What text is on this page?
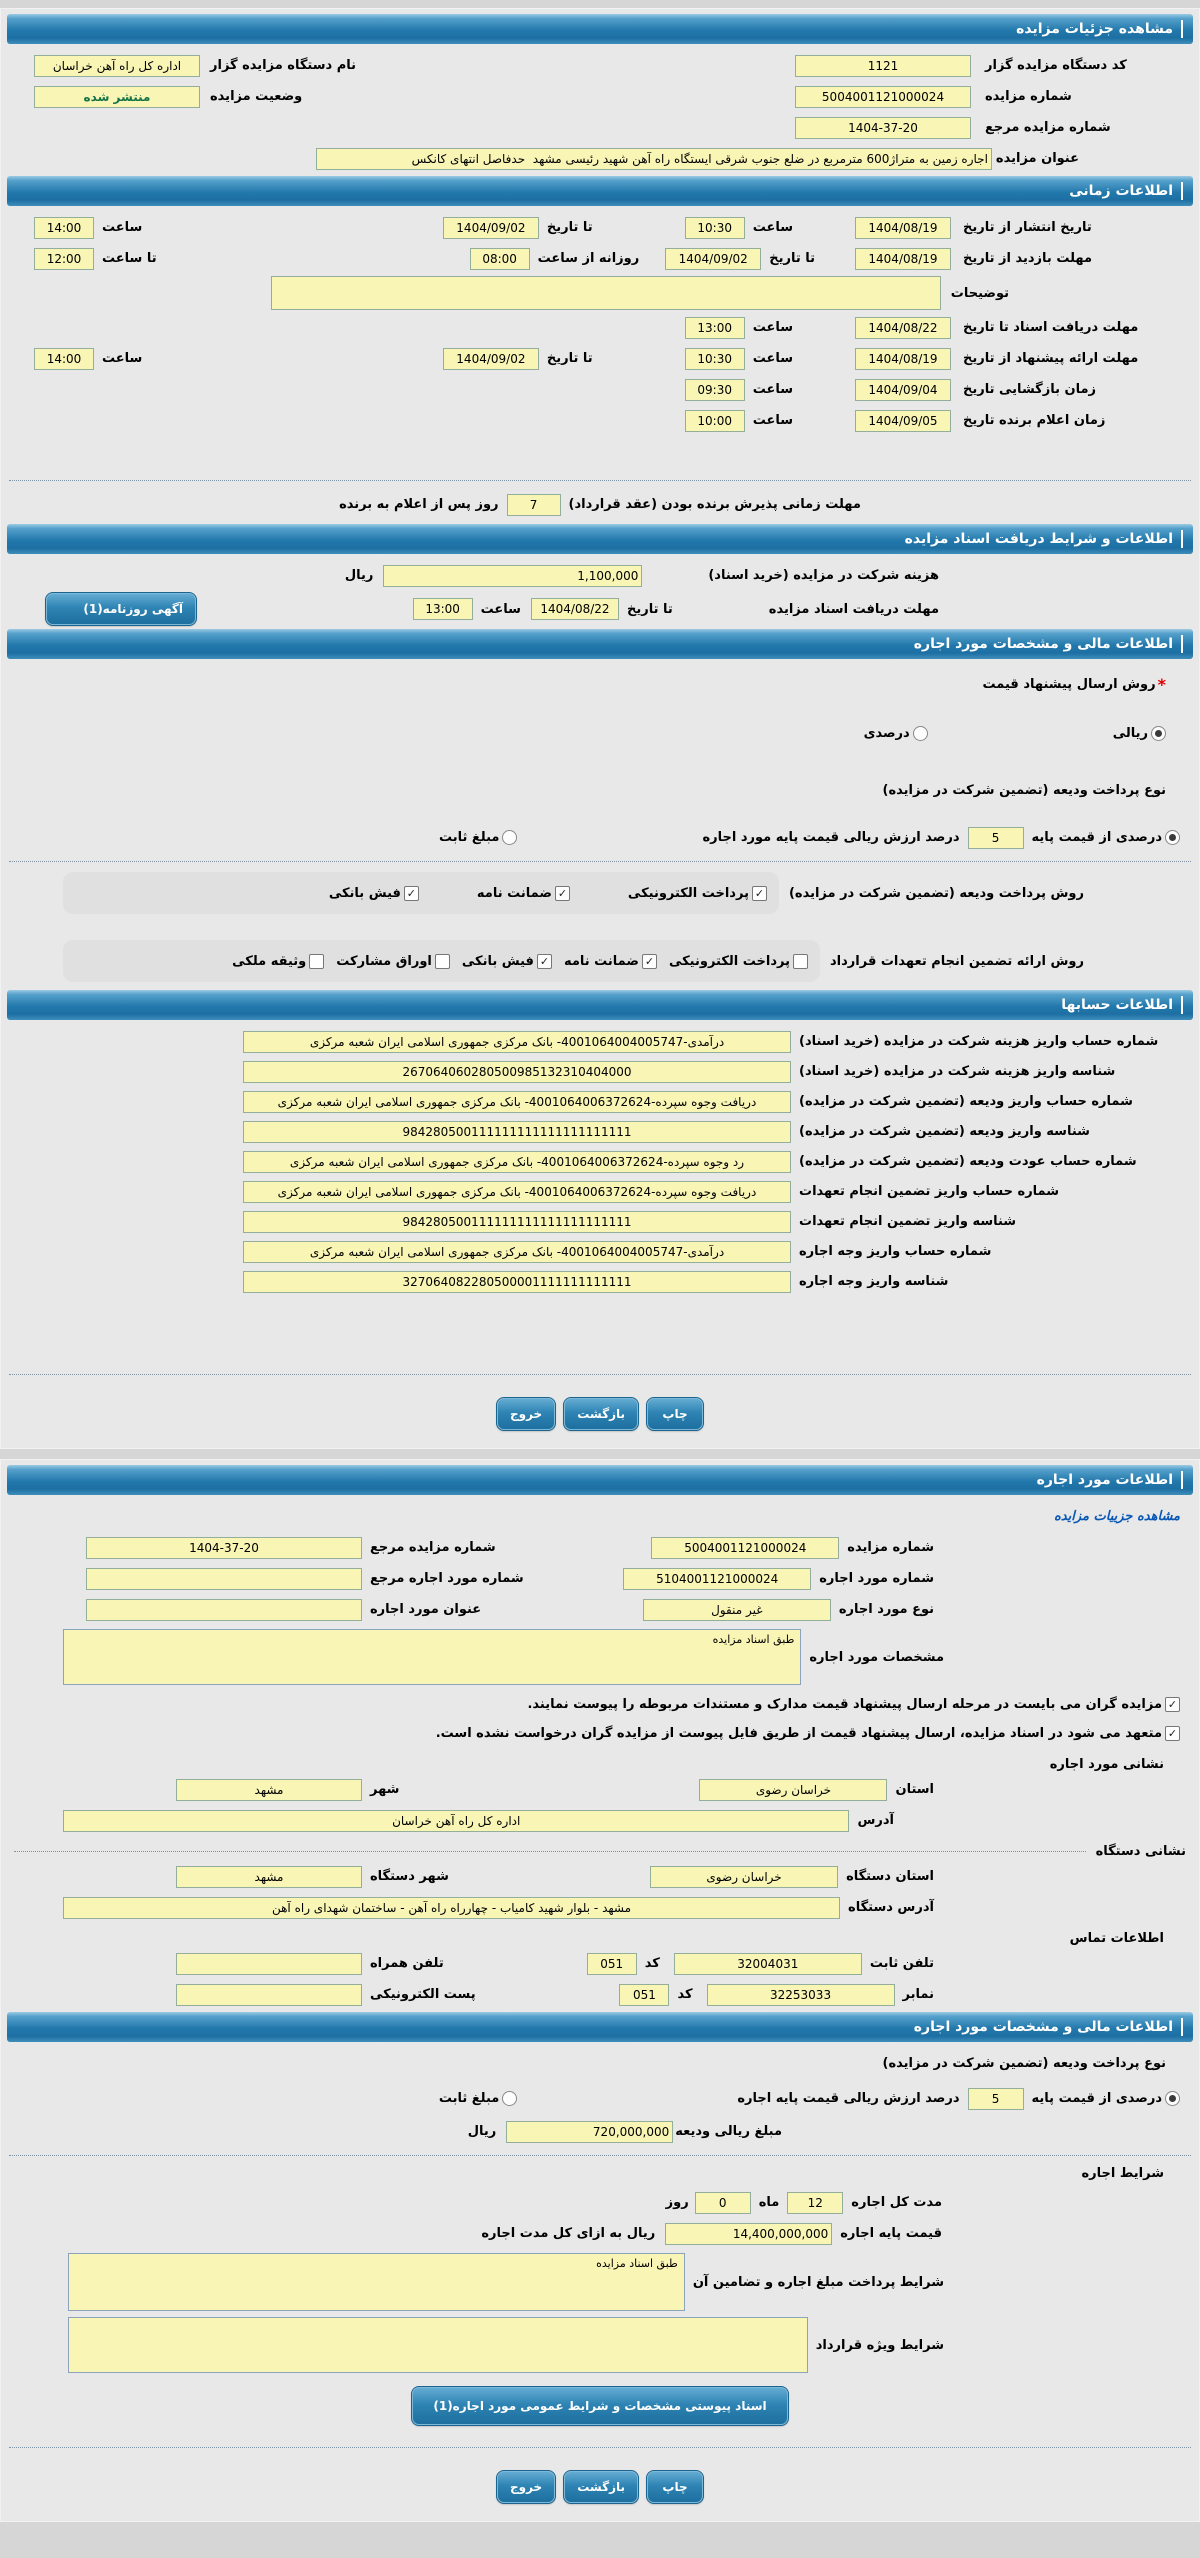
مشاهده جزئیات مزایده
کد دستگاه مزایده گزار
1121
نام دستگاه مزایده گزار
اداره کل راه آهن خراسان
شماره مزایده
5004001121000024
وضعیت مزایده
منتشر شده
شماره مزایده مرجع
1404-37-20
عنوان مزایده
اجاره زمین به متراژ600 مترمربع در ضلع جنوب شرقی ایستگاه راه آهن شهید رئیسی مشهد حدفاصل انتهای کانکس
اطلاعات زمانی
تاریخ انتشار از تاریخ
1404/08/19
ساعت
10:30
تا تاریخ
1404/09/02
ساعت
14:00
مهلت بازدید از تاریخ
1404/08/19
تا تاریخ
1404/09/02
روزانه از ساعت
08:00
تا ساعت
12:00
توضیحات
مهلت دریافت اسناد تا تاریخ
1404/08/22
ساعت
13:00
مهلت ارائه پیشنهاد از تاریخ
1404/08/19
ساعت
10:30
تا تاریخ
1404/09/02
ساعت
14:00
زمان بازگشایی تاریخ
1404/09/04
ساعت
09:30
زمان اعلام برنده تاریخ
1404/09/05
ساعت
10:00
مهلت زمانی پذیرش برنده بودن (عقد قرارداد)
7
روز پس از اعلام به برنده
اطلاعات و شرایط دریافت اسناد مزایده
هزینه شرکت در مزایده (خرید اسناد)
1,100,000
ریال
مهلت دریافت اسناد مزایده
تا تاریخ
1404/08/22
ساعت
13:00
آگهی روزنامه(1)
اطلاعات مالی و مشخصات مورد اجاره
*
روش ارسال پیشنهاد قیمت
ریالی
درصدی
نوع پرداخت ودیعه (تضمین شرکت در مزایده)
درصدی از قیمت پایه
5
درصد ارزش ریالی قیمت پایه مورد اجاره
مبلغ ثابت
روش پرداخت ودیعه (تضمین شرکت در مزایده)
✓
پرداخت الکترونیکی
✓
ضمانت نامه
✓
فیش بانکی
روش ارائه تضمین انجام تعهدات قرارداد
پرداخت الکترونیکی
✓
ضمانت نامه
✓
فیش بانکی
اوراق مشارکت
وثیقه ملکی
اطلاعات حسابها
شماره حساب واریز هزینه شرکت در مزایده (خرید اسناد)
درآمدی-4001064004005747- بانک مرکزی جمهوری اسلامی ایران شعبه مرکزی
شناسه واریز هزینه شرکت در مزایده (خرید اسناد)
267064060280500985132310404000
شماره حساب واریز ودیعه (تضمین شرکت در مزایده)
دریافت وجوه سپرده-4001064006372624- بانک مرکزی جمهوری اسلامی ایران شعبه مرکزی
شناسه واریز ودیعه (تضمین شرکت در مزایده)
984280500111111111111111111111
شماره حساب عودت ودیعه (تضمین شرکت در مزایده)
رد وجوه سپرده-4001064006372624- بانک مرکزی جمهوری اسلامی ایران شعبه مرکزی
شماره حساب واریز تضمین انجام تعهدات
دریافت وجوه سپرده-4001064006372624- بانک مرکزی جمهوری اسلامی ایران شعبه مرکزی
شناسه واریز تضمین انجام تعهدات
984280500111111111111111111111
شماره حساب واریز وجه اجاره
درآمدی-4001064004005747- بانک مرکزی جمهوری اسلامی ایران شعبه مرکزی
شناسه واریز وجه اجاره
327064082280500001111111111111
چاپ
بازگشت
خروج
اطلاعات مورد اجاره
مشاهده جزییات مزایده
شماره مزایده
5004001121000024
شماره مزایده مرجع
1404-37-20
شماره مورد اجاره
5104001121000024
شماره مورد اجاره مرجع
نوع مورد اجاره
غیر منقول
عنوان مورد اجاره
مشخصات مورد اجاره
طبق اسناد مزایده
✓
مزایده گران می بایست در مرحله ارسال پیشنهاد قیمت مدارک و مستندات مربوطه را پیوست نمایند.
✓
متعهد می شود در اسناد مزایده، ارسال پیشنهاد قیمت از طریق فایل پیوست از مزایده گران درخواست نشده است.
نشانی مورد اجاره
استان
خراسان رضوی
شهر
مشهد
آدرس
اداره کل راه آهن خراسان
نشانی دستگاه
استان دستگاه
خراسان رضوی
شهر دستگاه
مشهد
آدرس دستگاه
مشهد - بلوار شهید کامیاب - چهارراه راه آهن - ساختمان شهدای راه آهن
اطلاعات تماس
تلفن ثابت
32004031
کد
051
تلفن همراه
نمابر
32253033
کد
051
پست الکترونیکی
اطلاعات مالی و مشخصات مورد اجاره
نوع پرداخت ودیعه (تضمین شرکت در مزایده)
درصدی از قیمت پایه
5
درصد ارزش ریالی قیمت پایه اجاره
مبلغ ثابت
مبلغ ریالی ودیعه
720,000,000
ریال
شرایط اجاره
مدت کل اجاره
12
ماه
0
روز
قیمت پایه اجاره
14,400,000,000
ریال به ازای کل مدت اجاره
شرایط پرداخت مبلغ اجاره و تضامین آن
طبق اسناد مزایده
شرایط ویژه قرارداد
اسناد پیوستی مشخصات و شرایط عمومی مورد اجاره(1)
چاپ
بازگشت
خروج
